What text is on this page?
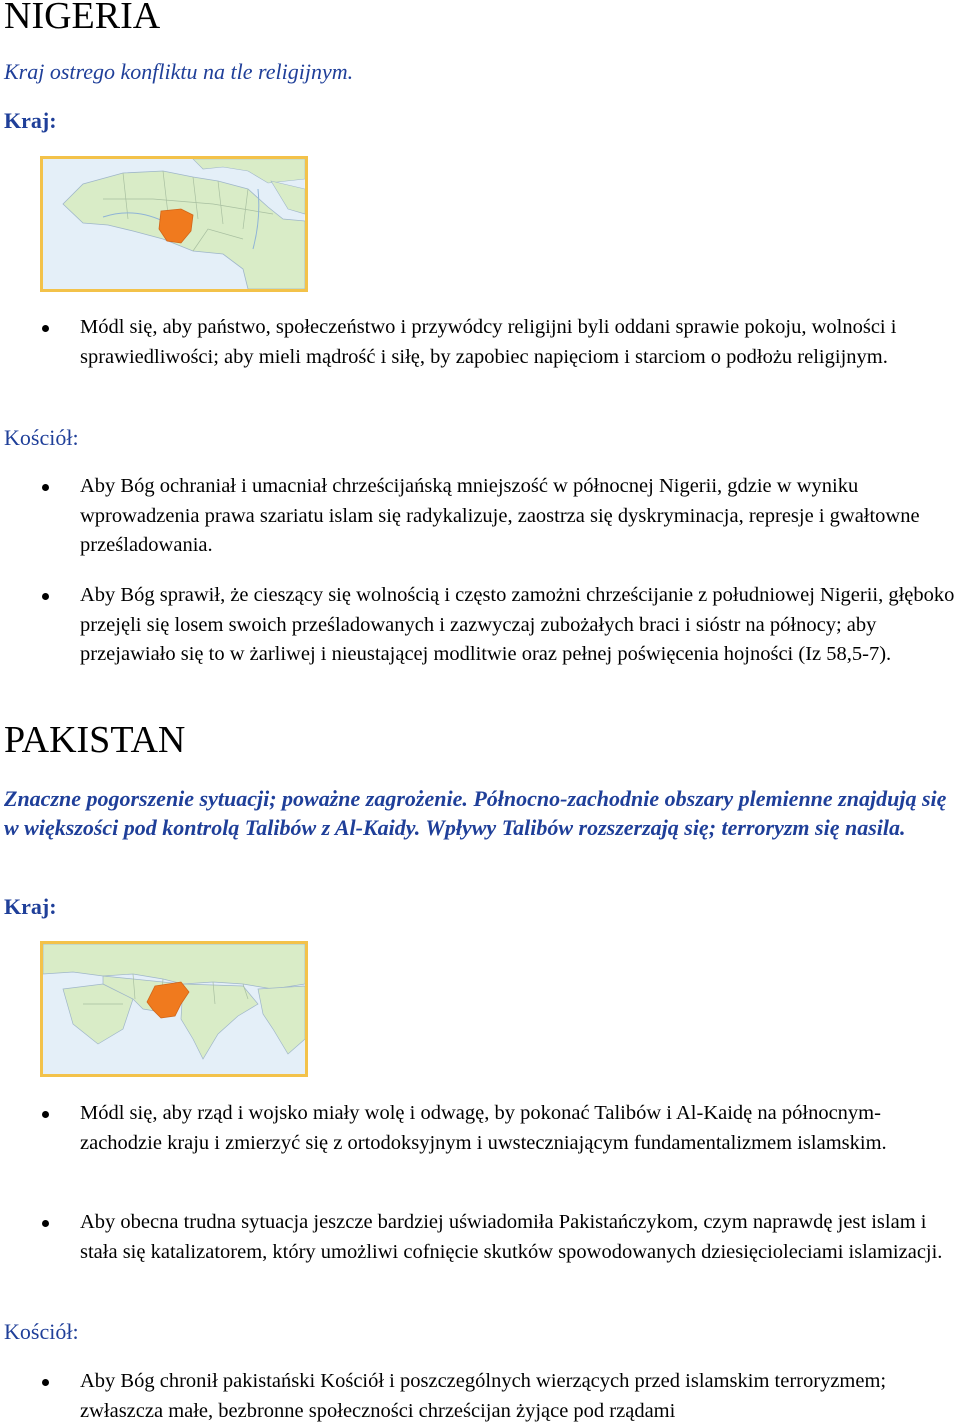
NIGERIA
Kraj ostrego konfliktu na tle religijnym.
Kraj:
Módl się, aby państwo, społeczeństwo i przywódcy religijni byli oddani sprawie pokoju, wolności i sprawiedliwości; aby mieli mądrość i siłę, by zapobiec napięciom i starciom o podłożu religijnym.
Kościół:
Aby Bóg ochraniał i umacniał chrześcijańską mniejszość w północnej Nigerii, gdzie w wyniku wprowadzenia prawa szariatu islam się radykalizuje, zaostrza się dyskryminacja, represje i gwałtowne prześladowania.
Aby Bóg sprawił, że cieszący się wolnością i często zamożni chrześcijanie z południowej Nigerii, głęboko przejęli się losem swoich prześladowanych i zazwyczaj zubożałych braci i sióstr na północy; aby przejawiało się to w żarliwej i nieustającej modlitwie oraz pełnej poświęcenia hojności (Iz 58,5-7).
PAKISTAN
Znaczne pogorszenie sytuacji; poważne zagrożenie. Północno-zachodnie obszary plemienne znajdują się w większości pod kontrolą Talibów z Al-Kaidy. Wpływy Talibów rozszerzają się; terroryzm się nasila.
Kraj:
Módl się, aby rząd i wojsko miały wolę i odwagę, by pokonać Talibów i Al-Kaidę na północnym-zachodzie kraju i zmierzyć się z ortodoksyjnym i uwsteczniającym fundamentalizmem islamskim.
Aby obecna trudna sytuacja jeszcze bardziej uświadomiła Pakistańczykom, czym naprawdę jest islam i stała się katalizatorem, który umożliwi cofnięcie skutków spowodowanych dziesięcioleciami islamizacji.
Kościół:
Aby Bóg chronił pakistański Kościół i poszczególnych wierzących przed islamskim terroryzmem; zwłaszcza małe, bezbronne społeczności chrześcijan żyjące pod rządami
